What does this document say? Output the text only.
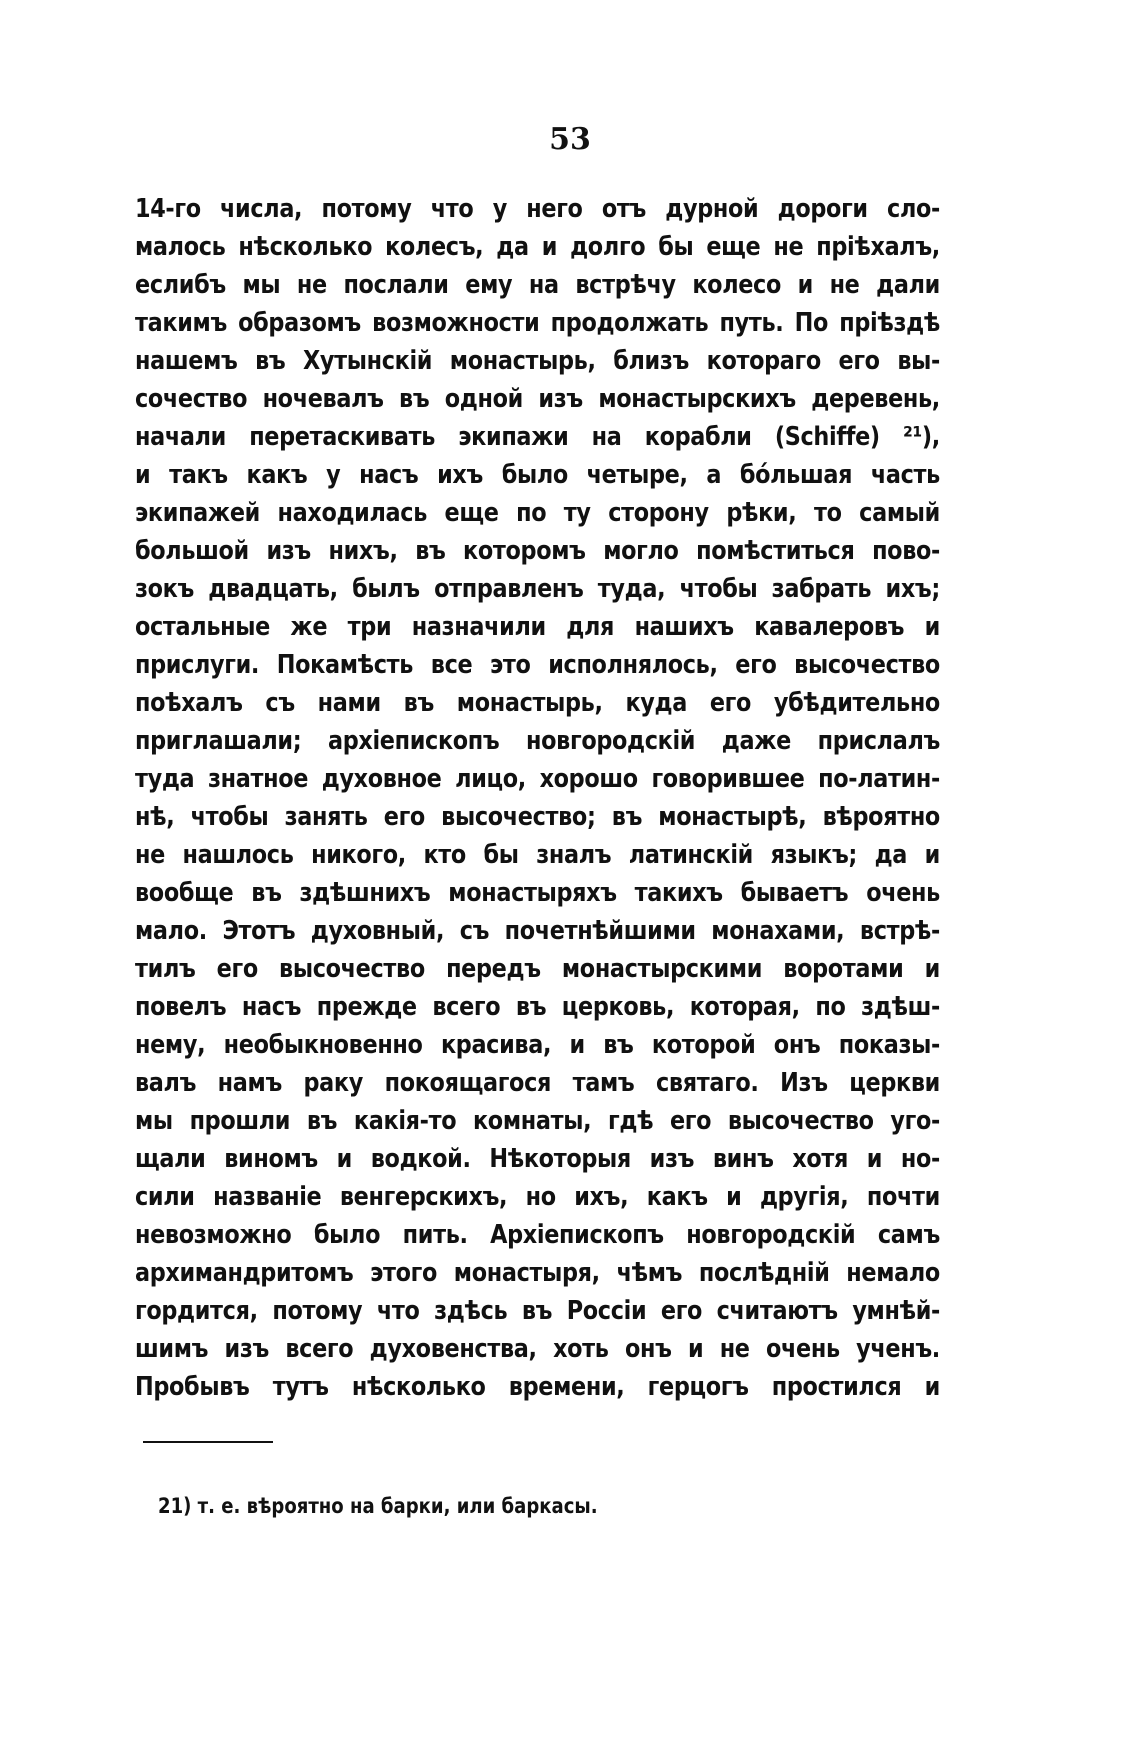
53
14-го числа, потому что у него отъ дурной дороги сло-
малось нѣсколько колесъ, да и долго бы еще не пріѣхалъ,
еслибъ мы не послали ему на встрѣчу колесо и не дали
такимъ образомъ возможности продолжать путь. По пріѣздѣ
нашемъ въ Хутынскій монастырь, близъ котораго его вы-
сочество ночевалъ въ одной изъ монастырскихъ деревень,
начали перетаскивать экипажи на корабли (Schiffe) ²¹),
и такъ какъ у насъ ихъ было четыре, а бо́льшая часть
экипажей находилась еще по ту сторону рѣки, то самый
большой изъ нихъ, въ которомъ могло помѣститься пово-
зокъ двадцать, былъ отправленъ туда, чтобы забрать ихъ;
остальные же три назначили для нашихъ кавалеровъ и
прислуги. Покамѣсть все это исполнялось, его высочество
поѣхалъ съ нами въ монастырь, куда его убѣдительно
приглашали; архіепископъ новгородскій даже прислалъ
туда знатное духовное лицо, хорошо говорившее по-латин-
нѣ, чтобы занять его высочество; въ монастырѣ, вѣроятно
не нашлось никого, кто бы зналъ латинскій языкъ; да и
вообще въ здѣшнихъ монастыряхъ такихъ бываетъ очень
мало. Этотъ духовный, съ почетнѣйшими монахами, встрѣ-
тилъ его высочество передъ монастырскими воротами и
повелъ насъ прежде всего въ церковь, которая, по здѣш-
нему, необыкновенно красива, и въ которой онъ показы-
валъ намъ раку покоящагося тамъ святаго. Изъ церкви
мы прошли въ какія-то комнаты, гдѣ его высочество уго-
щали виномъ и водкой. Нѣкоторыя изъ винъ хотя и но-
сили названіе венгерскихъ, но ихъ, какъ и другія, почти
невозможно было пить. Архіепископъ новгородскій самъ
архимандритомъ этого монастыря, чѣмъ послѣдній немало
гордится, потому что здѣсь въ Россіи его считаютъ умнѣй-
шимъ изъ всего духовенства, хоть онъ и не очень ученъ.
Пробывъ тутъ нѣсколько времени, герцогъ простился и
21) т. е. вѣроятно на барки, или баркасы.
